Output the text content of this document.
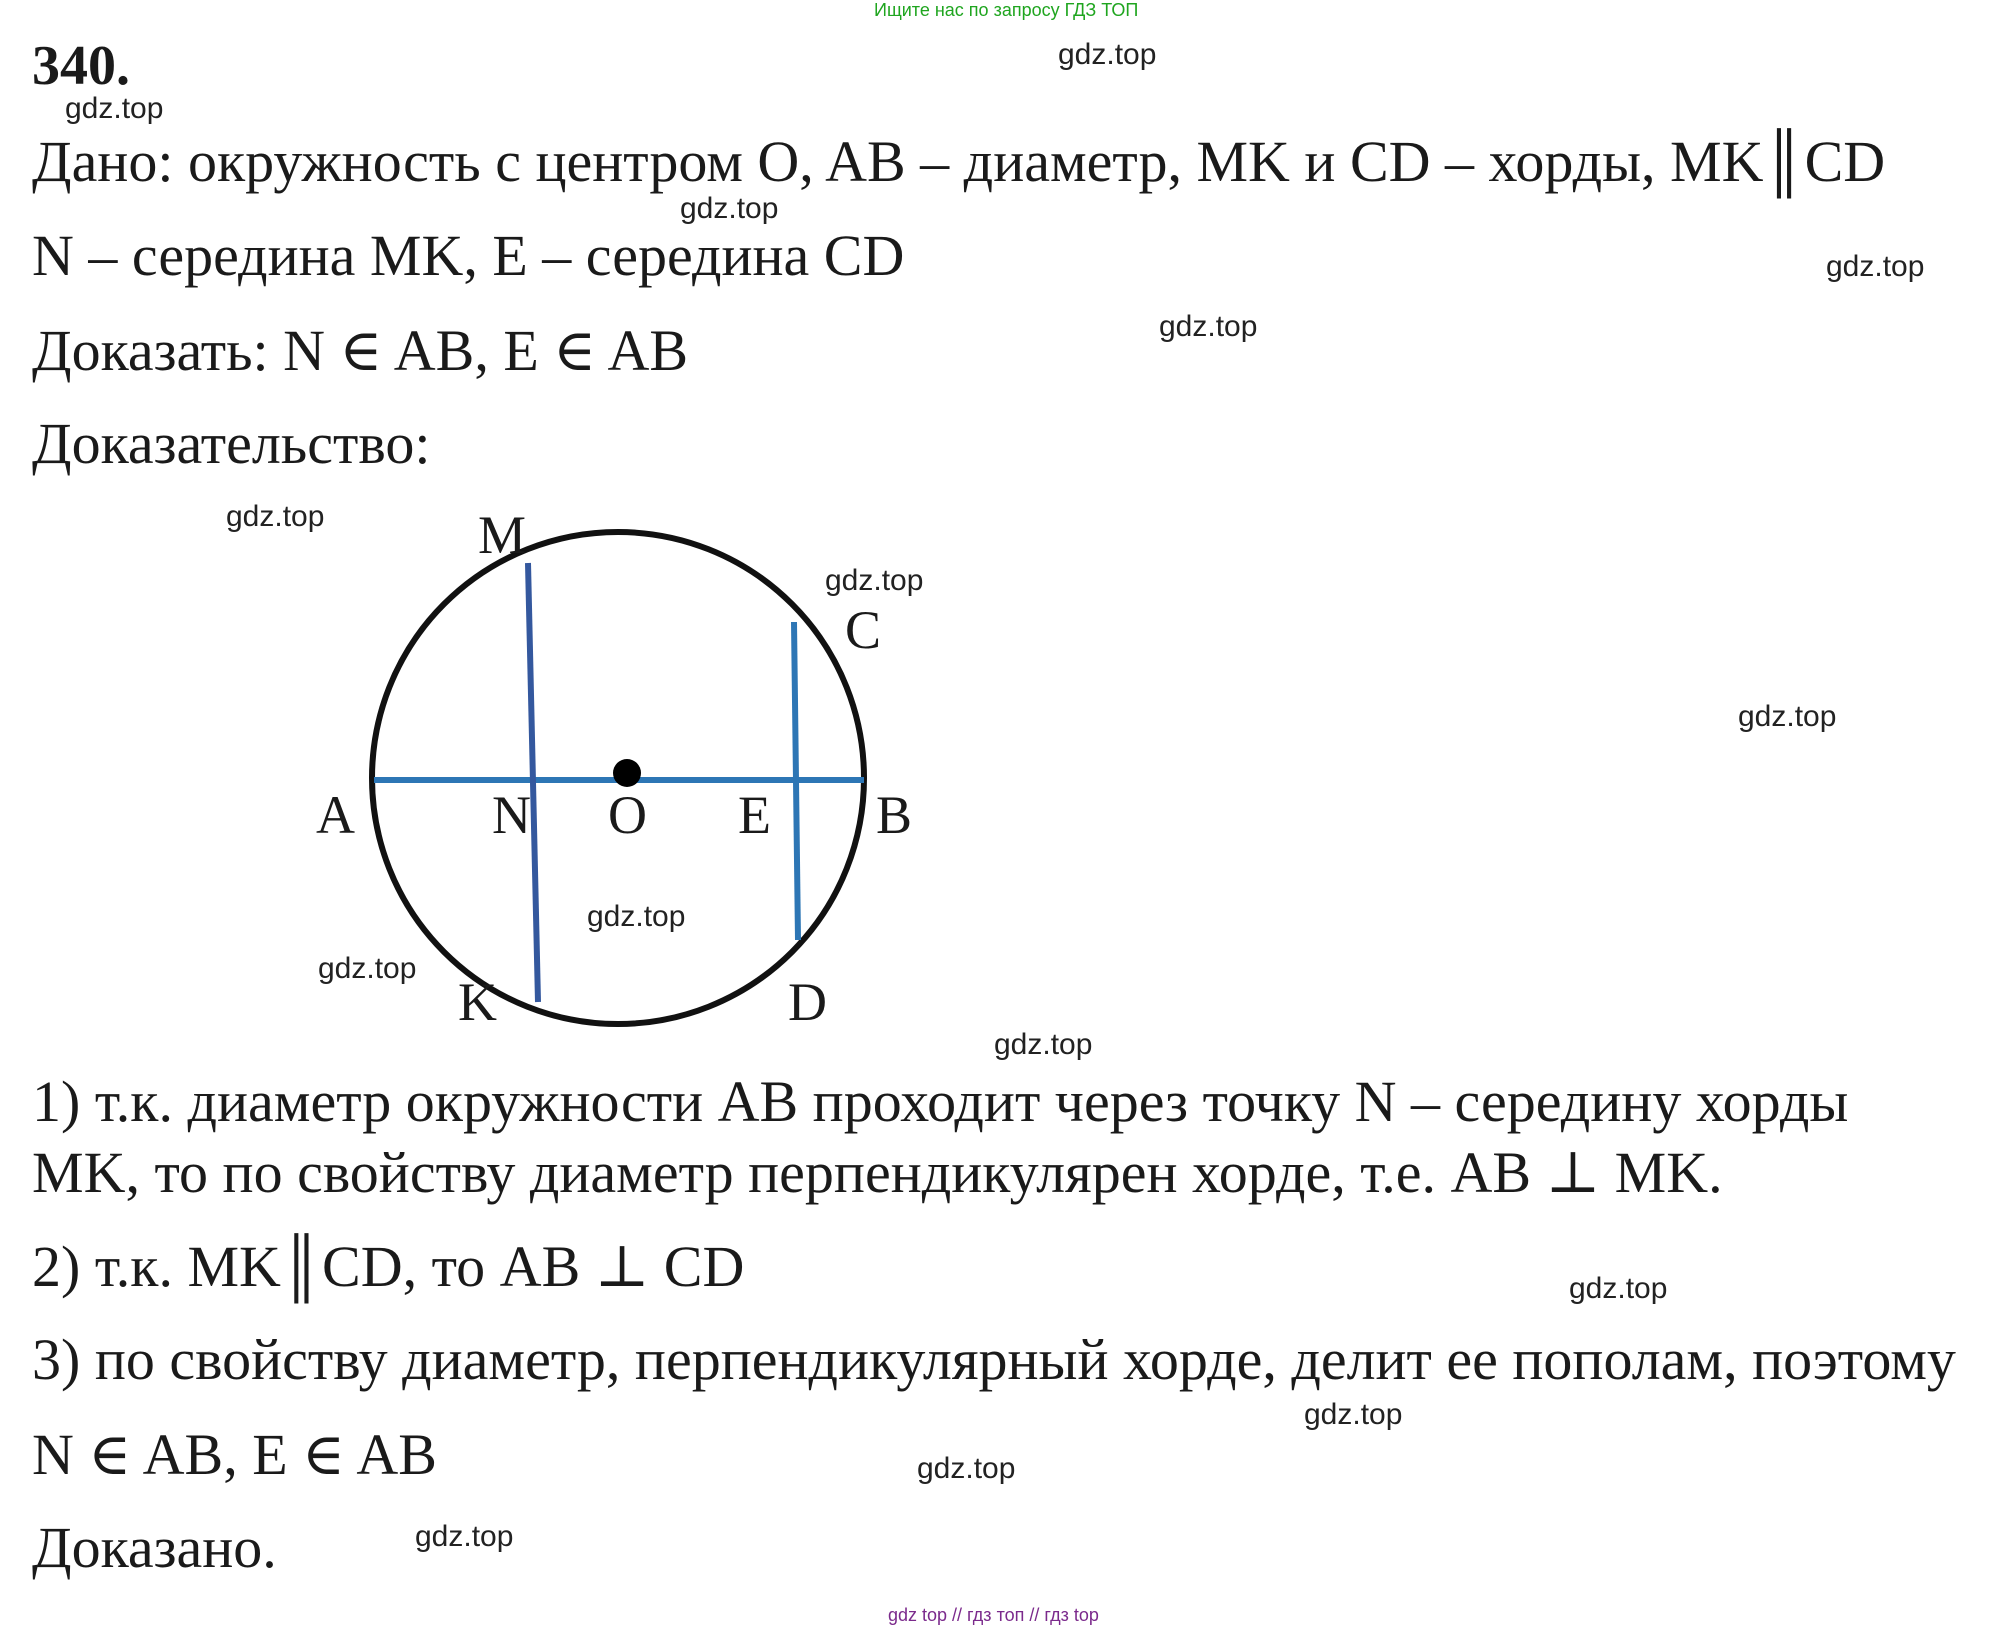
Ищите нас по запросу ГДЗ ТОП
340.
Дано: окружность с центром O, AB – диаметр, MK и CD – хорды, MK║CD
N – середина MK, E – середина CD
Доказать: N ∈ AB, E ∈ AB
Доказательство:
M
C
A	N O E B
K	D
1) т.к. диаметр окружности AB проходит через точку N – середину хорды
MK, то по свойству диаметр перпендикулярен хорде, т.е. AB ⊥ MK.
2) т.к. MK║CD, то AB ⊥ CD
3) по свойству диаметр, перпендикулярный хорде, делит ее пополам, поэтому
N ∈ AB, E ∈ AB
Доказано.
gdz.top
gdz.top
gdz.top
gdz.top
gdz.top
gdz.top
gdz.top
gdz.top
gdz.top
gdz.top
gdz.top
gdz.top
gdz.top
gdz.top
gdz.top
gdz top // гдз топ // гдз top
